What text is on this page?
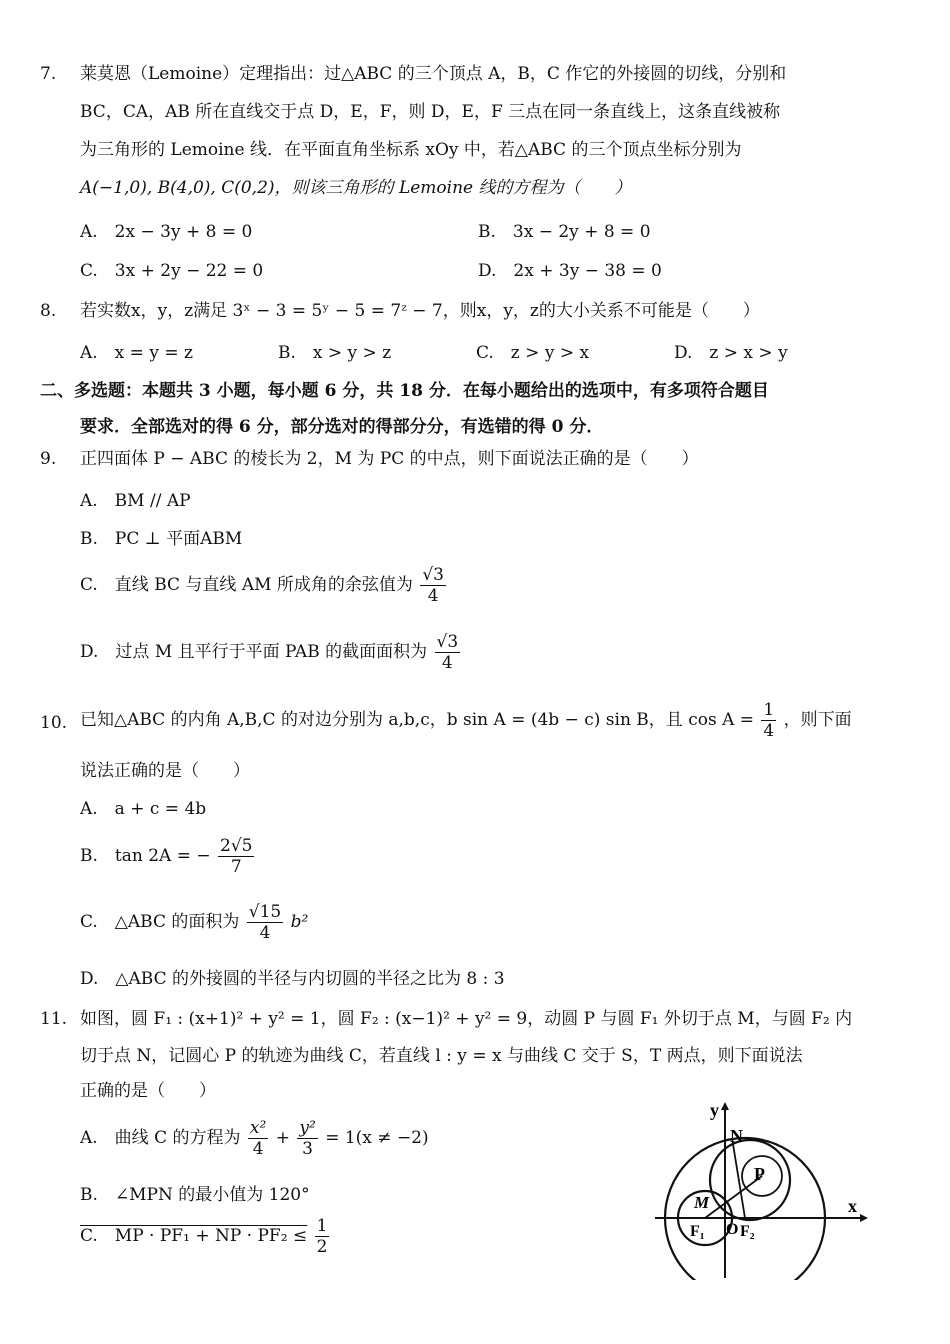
7.	莱莫恩（Lemoine）定理指出：过△ABC 的三个顶点 A，B，C 作它的外接圆的切线，分别和
BC，CA，AB 所在直线交于点 D，E，F，则 D，E，F 三点在同一条直线上，这条直线被称
为三角形的 Lemoine 线．在平面直角坐标系 xOy 中，若△ABC 的三个顶点坐标分别为
A(−1,0), B(4,0), C(0,2)，则该三角形的 Lemoine 线的方程为（　　）
A.　2x − 3y + 8 = 0	B.　3x − 2y + 8 = 0
C.　3x + 2y − 22 = 0	D.　2x + 3y − 38 = 0
8.	若实数x，y，z满足 3ˣ − 3 = 5ʸ − 5 = 7ᶻ − 7，则x，y，z的大小关系不可能是（　　）
A.　x = y = z	B.　x > y > z	C.　z > y > x	D.　z > x > y
二、多选题：本题共 3 小题，每小题 6 分，共 18 分．在每小题给出的选项中，有多项符合题目
要求．全部选对的得 6 分，部分选对的得部分分，有选错的得 0 分．
9.	正四面体 P − ABC 的棱长为 2，M 为 PC 的中点，则下面说法正确的是（　　）
A.　BM // AP
B.　PC ⊥ 平面ABM
C.　直线 BC 与直线 AM 所成角的余弦值为 $\frac{√3}{4}$
D.　过点 M 且平行于平面 PAB 的截面面积为 $\frac{√3}{4}$
10. 已知△ABC 的内角 A,B,C 的对边分别为 a,b,c，b sin A = (4b − c) sin B，且 $\cos A = \frac{1}{4}$ ，则下面
说法正确的是（　　）
A.　a + c = 4b
B.　tan 2A = − $\frac{2√5}{7}$
C.　△ABC 的面积为 $\frac{√15}{4} b^2$
D.　△ABC 的外接圆的半径与内切圆的半径之比为 8 : 3
11. 如图，圆 F₁ : (x+1)² + y² = 1，圆 F₂ : (x−1)² + y² = 9，动圆 P 与圆 F₁ 外切于点 M，与圆 F₂ 内
切于点 N，记圆心 P 的轨迹为曲线 C，若直线 l : y = x 与曲线 C 交于 S，T 两点，则下面说法
正确的是（　　）
A.　曲线 C 的方程为 $\frac{\text{x²}}{4} + \frac{\text{y²}}{3} = 1(x \ne -2)$
B.　∠MPN 的最小值为 120°
C.　MP · PF₁ + NP · $PF_2 \le \frac{1}{2}$
y
x
N
P
M
F₁ O F₂
